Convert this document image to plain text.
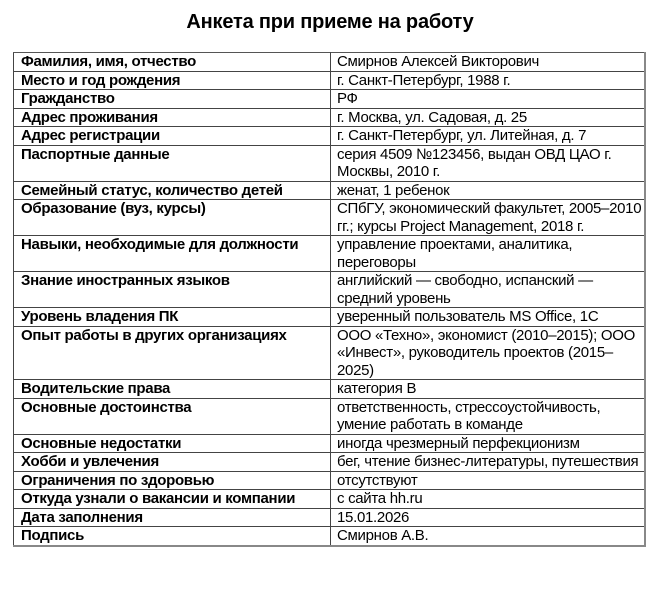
Анкета при приеме на работу
Фамилия, имя, отчество	Смирнов Алексей Викторович
Место и год рождения	г. Санкт-Петербург, 1988 г.
Гражданство	РФ
Адрес проживания	г. Москва, ул. Садовая, д. 25
Адрес регистрации	г. Санкт-Петербург, ул. Литейная, д. 7
Паспортные данные	серия 4509 №123456, выдан ОВД ЦАО г. Москвы, 2010 г.
Семейный статус, количество детей	женат, 1 ребенок
Образование (вуз, курсы)	СПбГУ, экономический факультет, 2005–2010 гг.; курсы Project Management, 2018 г.
Навыки, необходимые для должности	управление проектами, аналитика, переговоры
Знание иностранных языков	английский — свободно, испанский — средний уровень
Уровень владения ПК	уверенный пользователь MS Office, 1С
Опыт работы в других организациях	ООО «Техно», экономист (2010–2015); ООО «Инвест», руководитель проектов (2015–2025)
Водительские права	категория В
Основные достоинства	ответственность, стрессоустойчивость, умение работать в команде
Основные недостатки	иногда чрезмерный перфекционизм
Хобби и увлечения	бег, чтение бизнес-литературы, путешествия
Ограничения по здоровью	отсутствуют
Откуда узнали о вакансии и компании	с сайта hh.ru
Дата заполнения	15.01.2026
Подпись	Смирнов А.В.
